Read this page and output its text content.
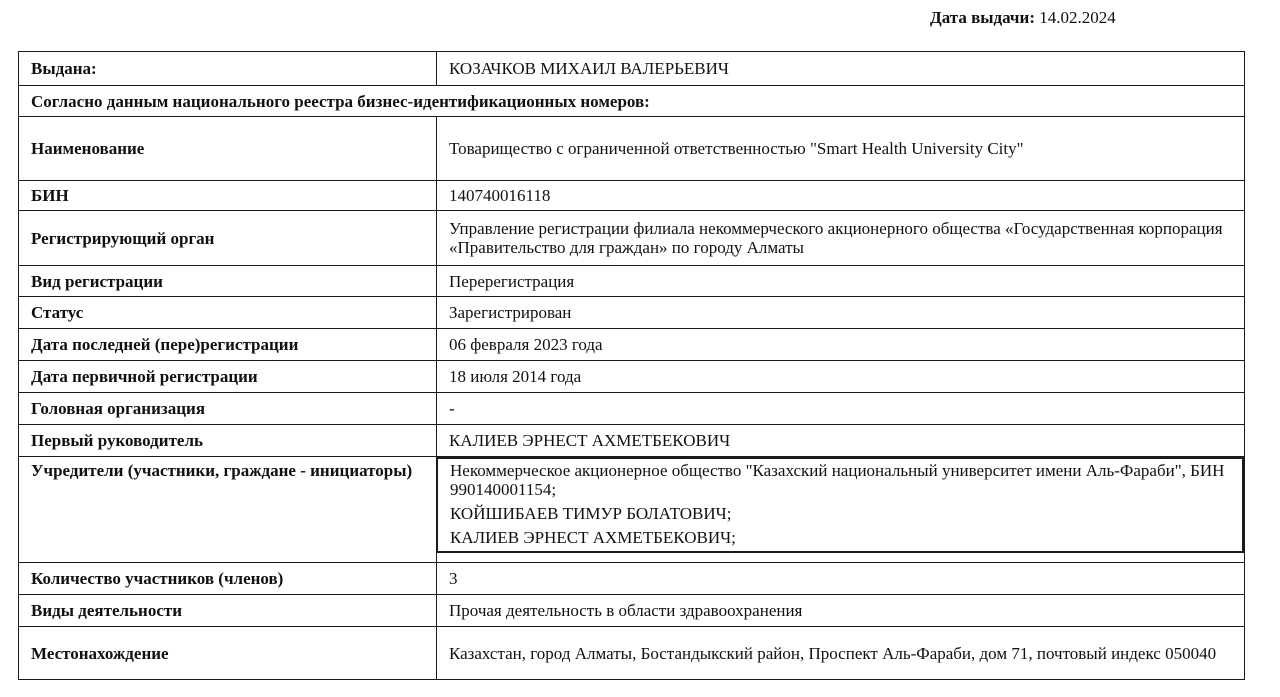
Дата выдачи: 14.02.2024
Выдана:	КОЗАЧКОВ МИХАИЛ ВАЛЕРЬЕВИЧ
Согласно данным национального реестра бизнес-идентификационных номеров:	
Наименование	Товарищество с ограниченной ответственностью "Smart Health University City"
БИН	140740016118
Регистрирующий орган	Управление регистрации филиала некоммерческого акционерного общества «Государственная корпорация «Правительство для граждан» по городу Алматы
Вид регистрации	Перерегистрация
Статус	Зарегистрирован
Дата последней (пере)регистрации	06 февраля 2023 года
Дата первичной регистрации	18 июля 2014 года
Головная организация	-
Первый руководитель	КАЛИЕВ ЭРНЕСТ АХМЕТБЕКОВИЧ
Учредители (участники, граждане - инициаторы)	Некоммерческое акционерное общество "Казахский национальный университет имени Аль-Фараби", БИН 990140001154;
КОЙШИБАЕВ ТИМУР БОЛАТОВИЧ;
КАЛИЕВ ЭРНЕСТ АХМЕТБЕКОВИЧ;

Количество участников (членов)	3
Виды деятельности	Прочая деятельность в области здравоохранения
Местонахождение	Казахстан, город Алматы, Бостандыкский район, Проспект Аль-Фараби, дом 71, почтовый индекс 050040
